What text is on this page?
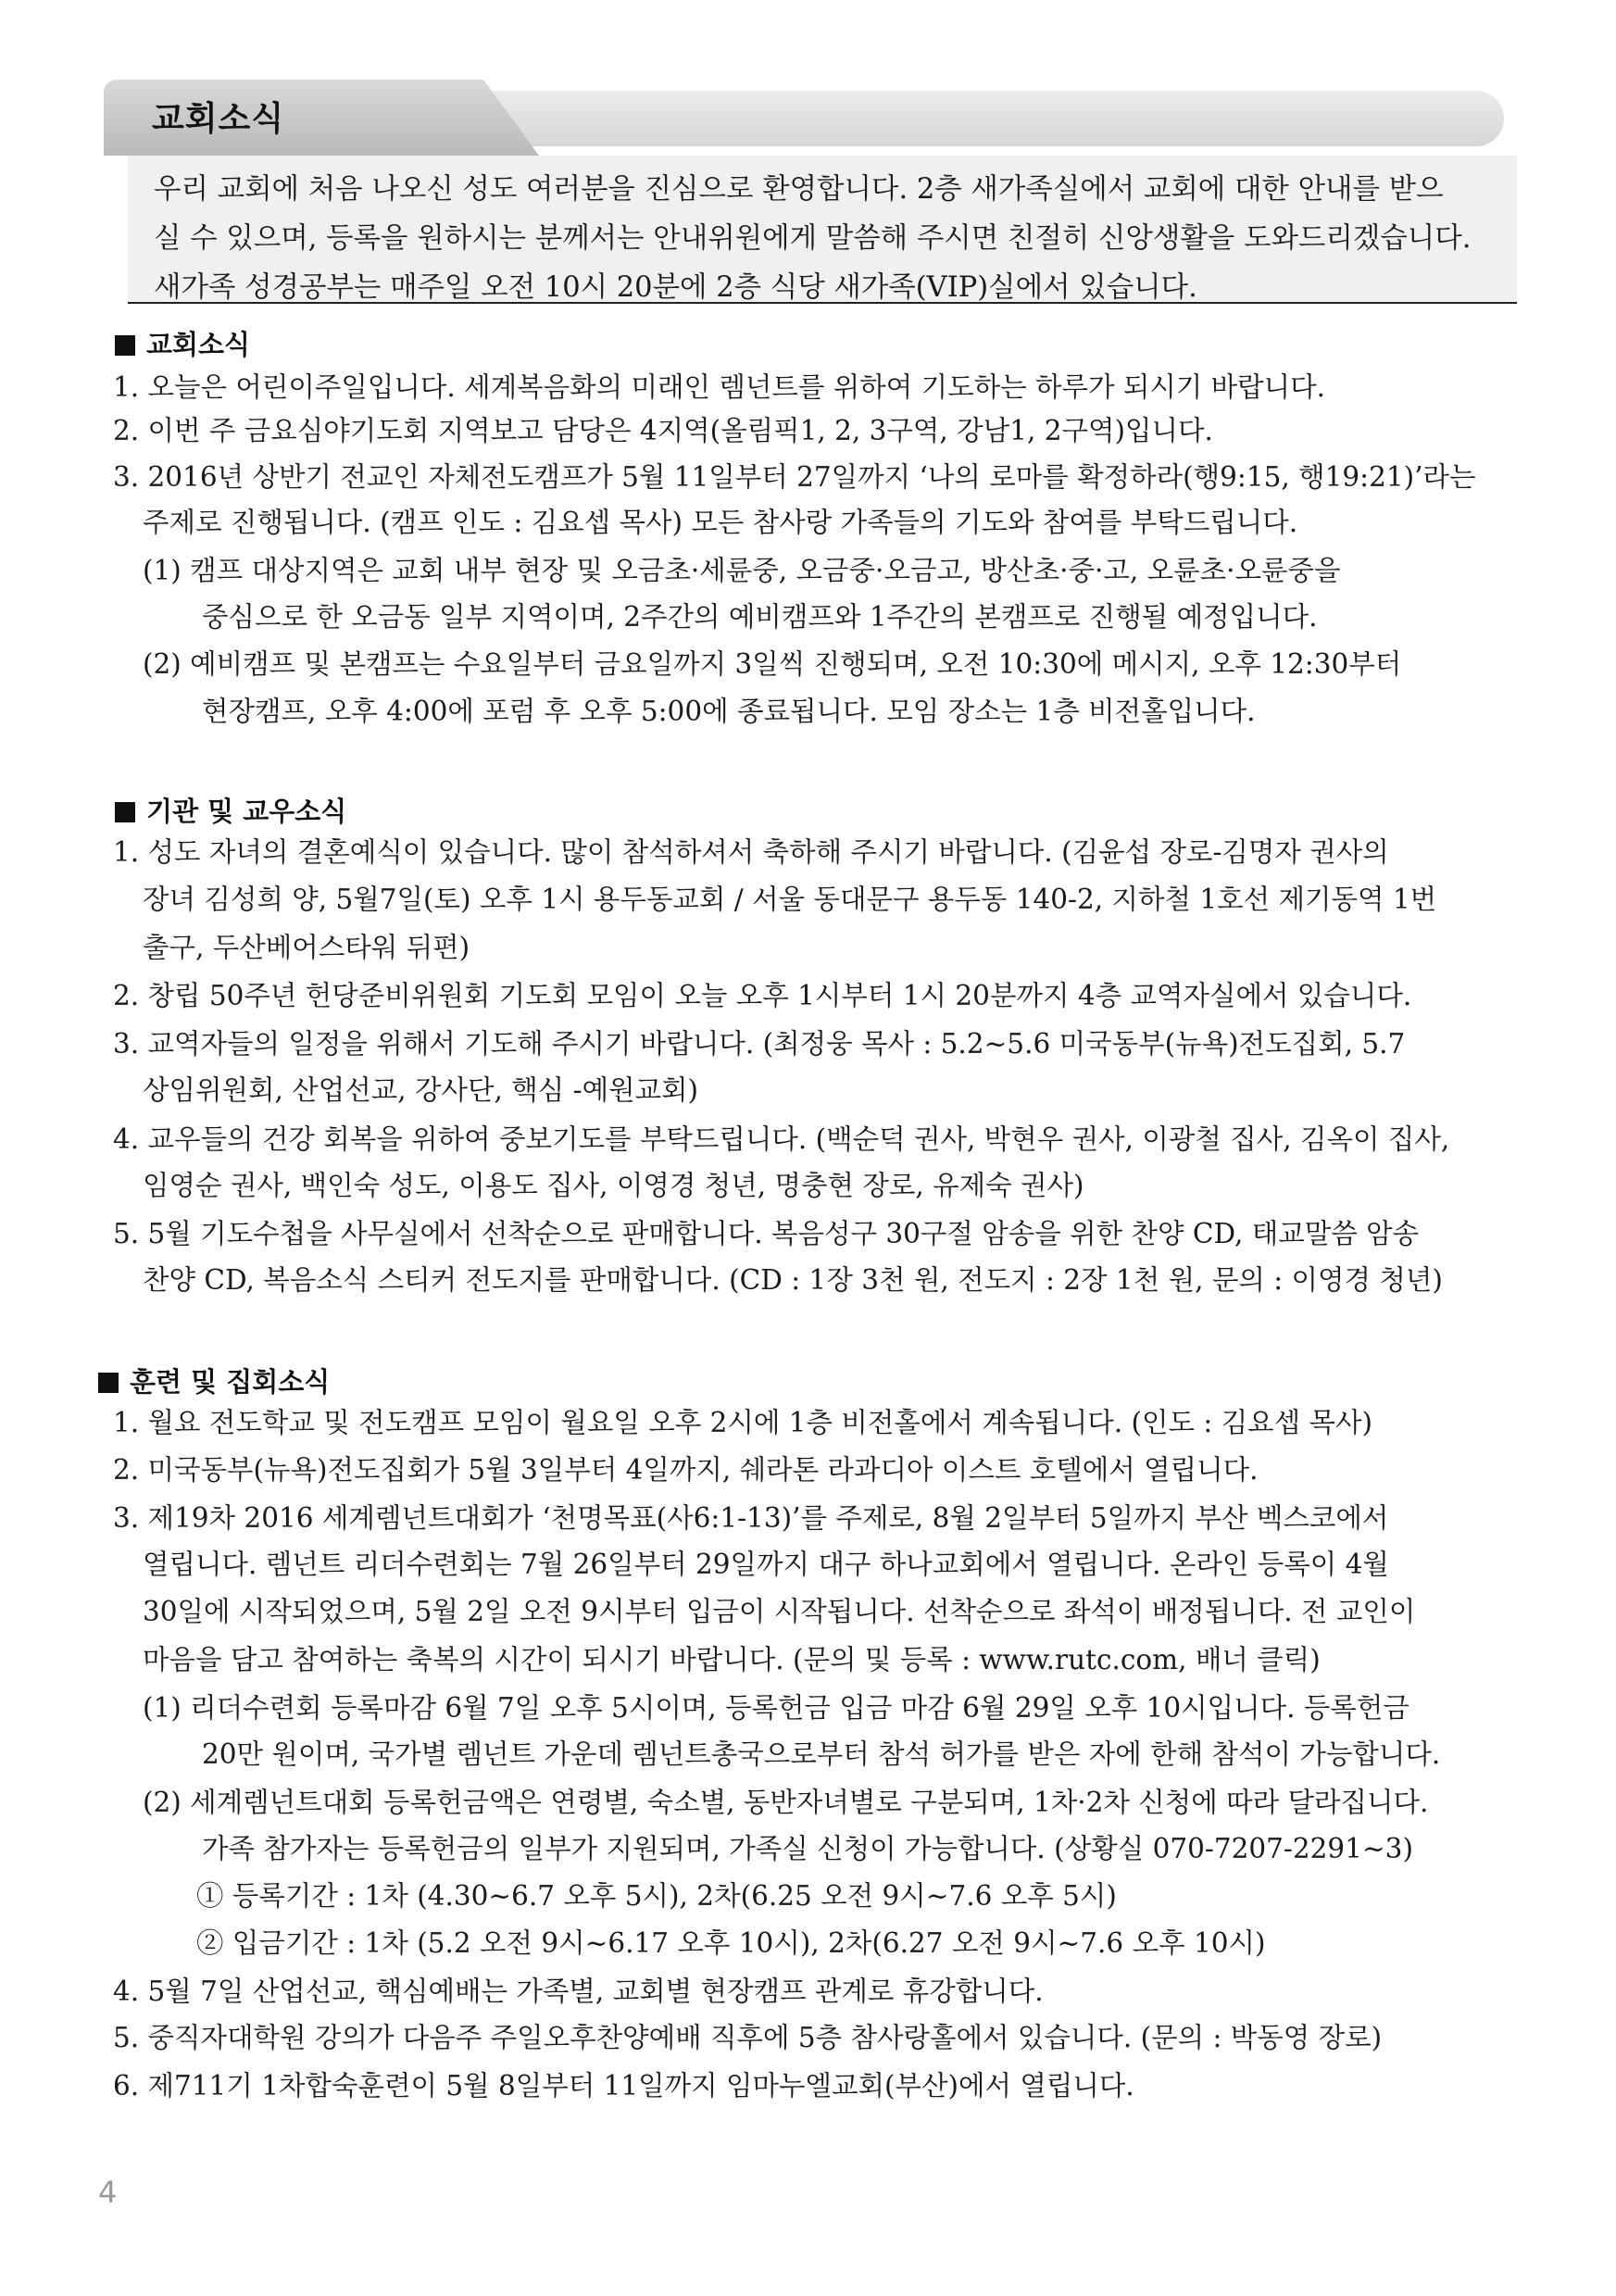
교회소식

우리 교회에 처음 나오신 성도 여러분을 진심으로 환영합니다. 2층 새가족실에서 교회에 대한 안내를 받으

실 수 있으며, 등록을 원하시는 분께서는 안내위원에게 말씀해 주시면 친절히 신앙생활을 도와드리겠습니다.

새가족 성경공부는 매주일 오전 10시 20분에 2층 식당 새가족(VIP)실에서 있습니다.

교회소식
1. 오늘은 어린이주일입니다. 세계복음화의 미래인 렘넌트를 위하여 기도하는 하루가 되시기 바랍니다.
2. 이번 주 금요심야기도회 지역보고 담당은 4지역(올림픽1, 2, 3구역, 강남1, 2구역)입니다.
3. 2016년 상반기 전교인 자체전도캠프가 5월 11일부터 27일까지 ‘나의 로마를 확정하라(행9:15, 행19:21)’라는
주제로 진행됩니다. (캠프 인도 : 김요셉 목사) 모든 참사랑 가족들의 기도와 참여를 부탁드립니다.
(1) 캠프 대상지역은 교회 내부 현장 및 오금초·세륜중, 오금중·오금고, 방산초·중·고, 오륜초·오륜중을
중심으로 한 오금동 일부 지역이며, 2주간의 예비캠프와 1주간의 본캠프로 진행될 예정입니다.
(2) 예비캠프 및 본캠프는 수요일부터 금요일까지 3일씩 진행되며, 오전 10:30에 메시지, 오후 12:30부터
현장캠프, 오후 4:00에 포럼 후 오후 5:00에 종료됩니다. 모임 장소는 1층 비전홀입니다.
기관 및 교우소식
1. 성도 자녀의 결혼예식이 있습니다. 많이 참석하셔서 축하해 주시기 바랍니다. (김윤섭 장로-김명자 권사의
장녀 김성희 양, 5월7일(토) 오후 1시 용두동교회 / 서울 동대문구 용두동 140-2, 지하철 1호선 제기동역 1번
출구, 두산베어스타워 뒤편)
2. 창립 50주년 헌당준비위원회 기도회 모임이 오늘 오후 1시부터 1시 20분까지 4층 교역자실에서 있습니다.
3. 교역자들의 일정을 위해서 기도해 주시기 바랍니다. (최정웅 목사 : 5.2~5.6 미국동부(뉴욕)전도집회, 5.7
상임위원회, 산업선교, 강사단, 핵심 -예원교회)
4. 교우들의 건강 회복을 위하여 중보기도를 부탁드립니다. (백순덕 권사, 박현우 권사, 이광철 집사, 김옥이 집사,
임영순 권사, 백인숙 성도, 이용도 집사, 이영경 청년, 명충현 장로, 유제숙 권사)
5. 5월 기도수첩을 사무실에서 선착순으로 판매합니다. 복음성구 30구절 암송을 위한 찬양 CD, 태교말씀 암송
찬양 CD, 복음소식 스티커 전도지를 판매합니다. (CD : 1장 3천 원, 전도지 : 2장 1천 원, 문의 : 이영경 청년)
훈련 및 집회소식
1. 월요 전도학교 및 전도캠프 모임이 월요일 오후 2시에 1층 비전홀에서 계속됩니다. (인도 : 김요셉 목사)
2. 미국동부(뉴욕)전도집회가 5월 3일부터 4일까지, 쉐라톤 라과디아 이스트 호텔에서 열립니다.
3. 제19차 2016 세계렘넌트대회가 ‘천명목표(사6:1-13)’를 주제로, 8월 2일부터 5일까지 부산 벡스코에서
열립니다. 렘넌트 리더수련회는 7월 26일부터 29일까지 대구 하나교회에서 열립니다. 온라인 등록이 4월
30일에 시작되었으며, 5월 2일 오전 9시부터 입금이 시작됩니다. 선착순으로 좌석이 배정됩니다. 전 교인이
마음을 담고 참여하는 축복의 시간이 되시기 바랍니다. (문의 및 등록 : www.rutc.com, 배너 클릭)
(1) 리더수련회 등록마감 6월 7일 오후 5시이며, 등록헌금 입금 마감 6월 29일 오후 10시입니다. 등록헌금
20만 원이며, 국가별 렘넌트 가운데 렘넌트총국으로부터 참석 허가를 받은 자에 한해 참석이 가능합니다.
(2) 세계렘넌트대회 등록헌금액은 연령별, 숙소별, 동반자녀별로 구분되며, 1차·2차 신청에 따라 달라집니다.
가족 참가자는 등록헌금의 일부가 지원되며, 가족실 신청이 가능합니다. (상황실 070-7207-2291~3)
① 등록기간 : 1차 (4.30~6.7 오후 5시), 2차(6.25 오전 9시~7.6 오후 5시)
② 입금기간 : 1차 (5.2 오전 9시~6.17 오후 10시), 2차(6.27 오전 9시~7.6 오후 10시)
4. 5월 7일 산업선교, 핵심예배는 가족별, 교회별 현장캠프 관계로 휴강합니다.
5. 중직자대학원 강의가 다음주 주일오후찬양예배 직후에 5층 참사랑홀에서 있습니다. (문의 : 박동영 장로)
6. 제711기 1차합숙훈련이 5월 8일부터 11일까지 임마누엘교회(부산)에서 열립니다.
4
